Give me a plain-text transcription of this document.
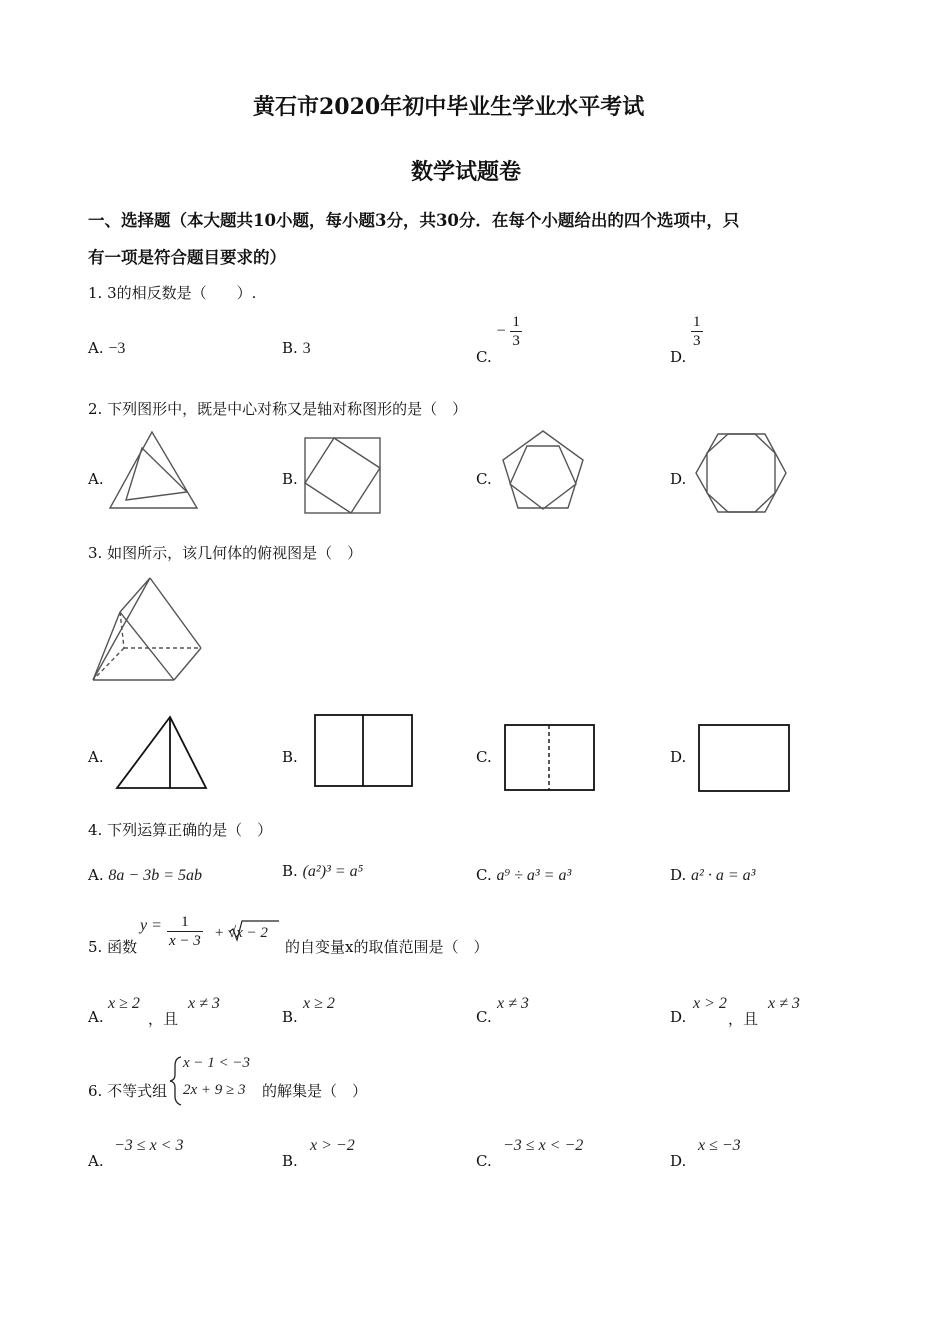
黄石市2020年初中毕业生学业水平考试
数学试题卷
一、选择题（本大题共10小题，每小题3分，共30分．在每个小题给出的四个选项中，只
有一项是符合题目要求的）
1. 3的相反数是（　　）.
A. −3	B. 3	C. − $\frac{1}{3}$
D.
$\frac{1}{3}$
2. 下列图形中，既是中心对称又是轴对称图形的是（　）
A.	B.	C.	D.
3. 如图所示，该几何体的俯视图是（　）
A.	B.	C.	D.
4. 下列运算正确的是（　）
A. 8a − 3b = 5ab	B. (a²)³ = a⁵	C. a⁹ ÷ a³ = a³	D. a² · a = a³
5. 函数
$y = \frac{1}{x - 3} + √x - 2$
的自变量x的取值范围是（　）
A.
x ≥ 2
，且
x ≠ 3
B.
x ≥ 2
C.
x ≠ 3
D.
x > 2
，且
x ≠ 3
6. 不等式组
x − 1 < −3
2x + 9 ≥ 3 的解集是（　）
A.
−3 ≤ x < 3
B.
x > −2
C.
−3 ≤ x < −2
D.
x ≤ −3
